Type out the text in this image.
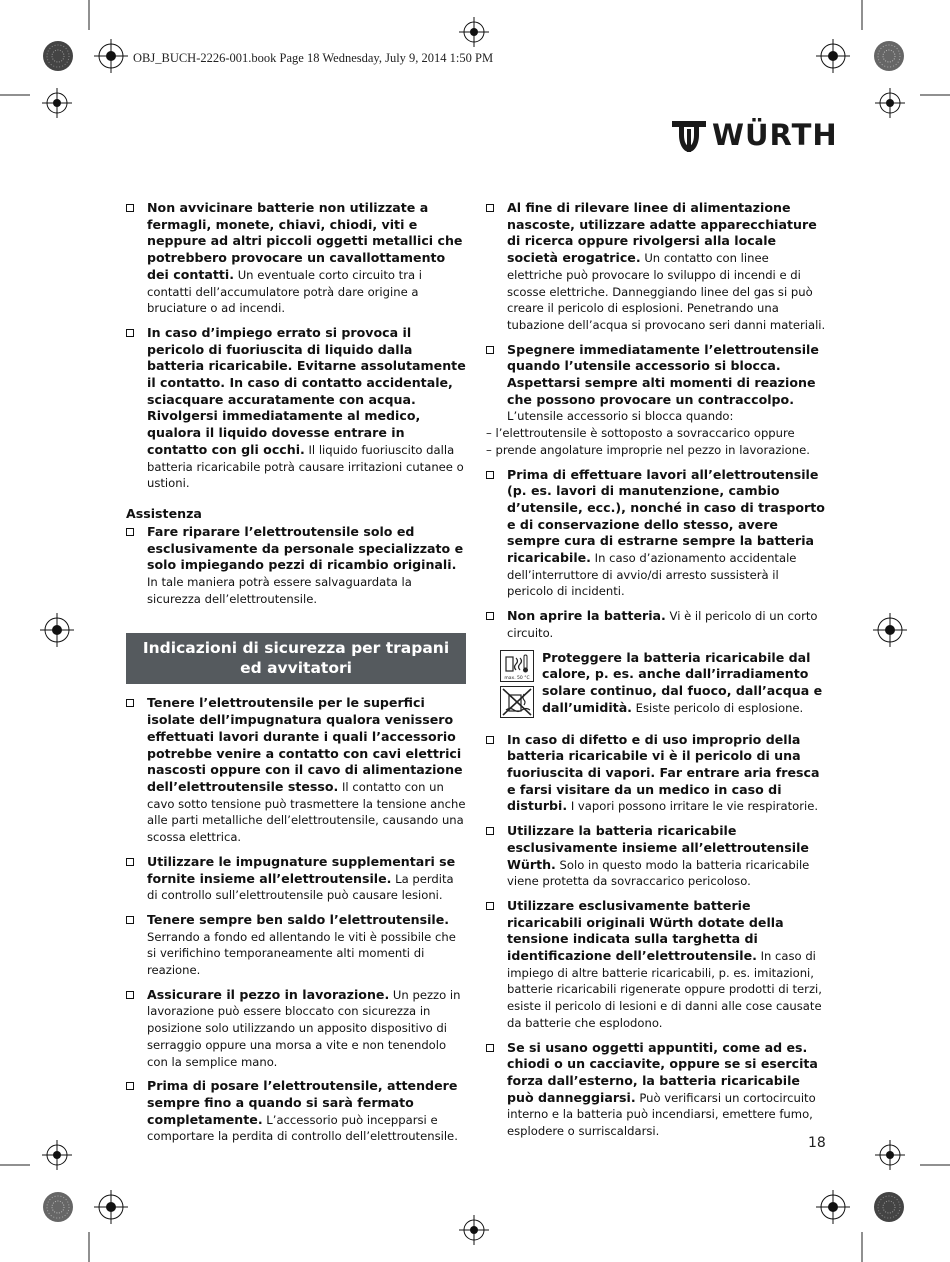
OBJ_BUCH-2226-001.book Page 18 Wednesday, July 9, 2014 1:50 PM
WÜRTH
Non avvicinare batterie non utilizzate a fermagli, monete, chiavi, chiodi, viti e neppure ad altri piccoli oggetti metallici che potrebbero provocare un cavallottamento dei contatti. Un eventuale corto circuito tra i contatti dell’accumulatore potrà dare origine a bruciature o ad incendi.
In caso d’impiego errato si provoca il pericolo di fuoriuscita di liquido dalla batteria ricaricabile. Evitarne assolutamente il contatto. In caso di contatto accidentale, sciacquare accuratamente con acqua. Rivolgersi immediatamente al medico, qualora il liquido dovesse entrare in contatto con gli occhi. Il liquido fuoriuscito dalla batteria ricaricabile potrà causare irritazioni cutanee o ustioni.
Assistenza
Fare riparare l’elettroutensile solo ed esclusivamente da personale specializzato e solo impiegando pezzi di ricambio originali. In tale maniera potrà essere salvaguardata la sicurezza dell’elettroutensile.
Indicazioni di sicurezza per trapani ed avvitatori
Tenere l’elettroutensile per le superfici isolate dell’impugnatura qualora venissero effettuati lavori durante i quali l’accessorio potrebbe venire a contatto con cavi elettrici nascosti oppure con il cavo di alimentazione dell’elettroutensile stesso. Il contatto con un cavo sotto tensione può trasmettere la tensione anche alle parti metalliche dell’elettroutensile, causando una scossa elettrica.
Utilizzare le impugnature supplementari se fornite insieme all’elettroutensile. La perdita di controllo sull’elettroutensile può causare lesioni.
Tenere sempre ben saldo l’elettroutensile. Serrando a fondo ed allentando le viti è possibile che si verifichino temporaneamente alti momenti di reazione.
Assicurare il pezzo in lavorazione. Un pezzo in lavorazione può essere bloccato con sicurezza in posizione solo utilizzando un apposito dispositivo di serraggio oppure una morsa a vite e non tenendolo con la semplice mano.
Prima di posare l’elettroutensile, attendere sempre fino a quando si sarà fermato completamente. L’accessorio può incepparsi e comportare la perdita di controllo dell’elettroutensile.
Al fine di rilevare linee di alimentazione nascoste, utilizzare adatte apparecchiature di ricerca oppure rivolgersi alla locale società erogatrice. Un contatto con linee elettriche può provocare lo sviluppo di incendi e di scosse elettriche. Danneggiando linee del gas si può creare il pericolo di esplosioni. Penetrando una tubazione dell’acqua si provocano seri danni materiali.
Spegnere immediatamente l’elettroutensile quando l’utensile accessorio si blocca. Aspettarsi sempre alti momenti di reazione che possono provocare un contraccolpo. L’utensile accessorio si blocca quando:
– l’elettroutensile è sottoposto a sovraccarico oppure
– prende angolature improprie nel pezzo in lavorazione.
Prima di effettuare lavori all’elettroutensile (p. es. lavori di manutenzione, cambio d’utensile, ecc.), nonché in caso di trasporto e di conservazione dello stesso, avere sempre cura di estrarne sempre la batteria ricaricabile. In caso d’azionamento accidentale dell’interruttore di avvio/di arresto sussisterà il pericolo di incidenti.
Non aprire la batteria. Vi è il pericolo di un corto circuito.
max. 50 °C
Proteggere la batteria ricaricabile dal calore, p. es. anche dall’irradiamento solare continuo, dal fuoco, dall’acqua e dall’umidità. Esiste pericolo di esplosione.
In caso di difetto e di uso improprio della batteria ricaricabile vi è il pericolo di una fuoriuscita di vapori. Far entrare aria fresca e farsi visitare da un medico in caso di disturbi. I vapori possono irritare le vie respiratorie.
Utilizzare la batteria ricaricabile esclusivamente insieme all’elettroutensile Würth. Solo in questo modo la batteria ricaricabile viene protetta da sovraccarico pericoloso.
Utilizzare esclusivamente batterie ricaricabili originali Würth dotate della tensione indicata sulla targhetta di identificazione dell’elettroutensile. In caso di impiego di altre batterie ricaricabili, p. es. imitazioni, batterie ricaricabili rigenerate oppure prodotti di terzi, esiste il pericolo di lesioni e di danni alle cose causate da batterie che esplodono.
Se si usano oggetti appuntiti, come ad es. chiodi o un cacciavite, oppure se si esercita forza dall’esterno, la batteria ricaricabile può danneggiarsi. Può verificarsi un cortocircuito interno e la batteria può incendiarsi, emettere fumo, esplodere o surriscaldarsi.
18
